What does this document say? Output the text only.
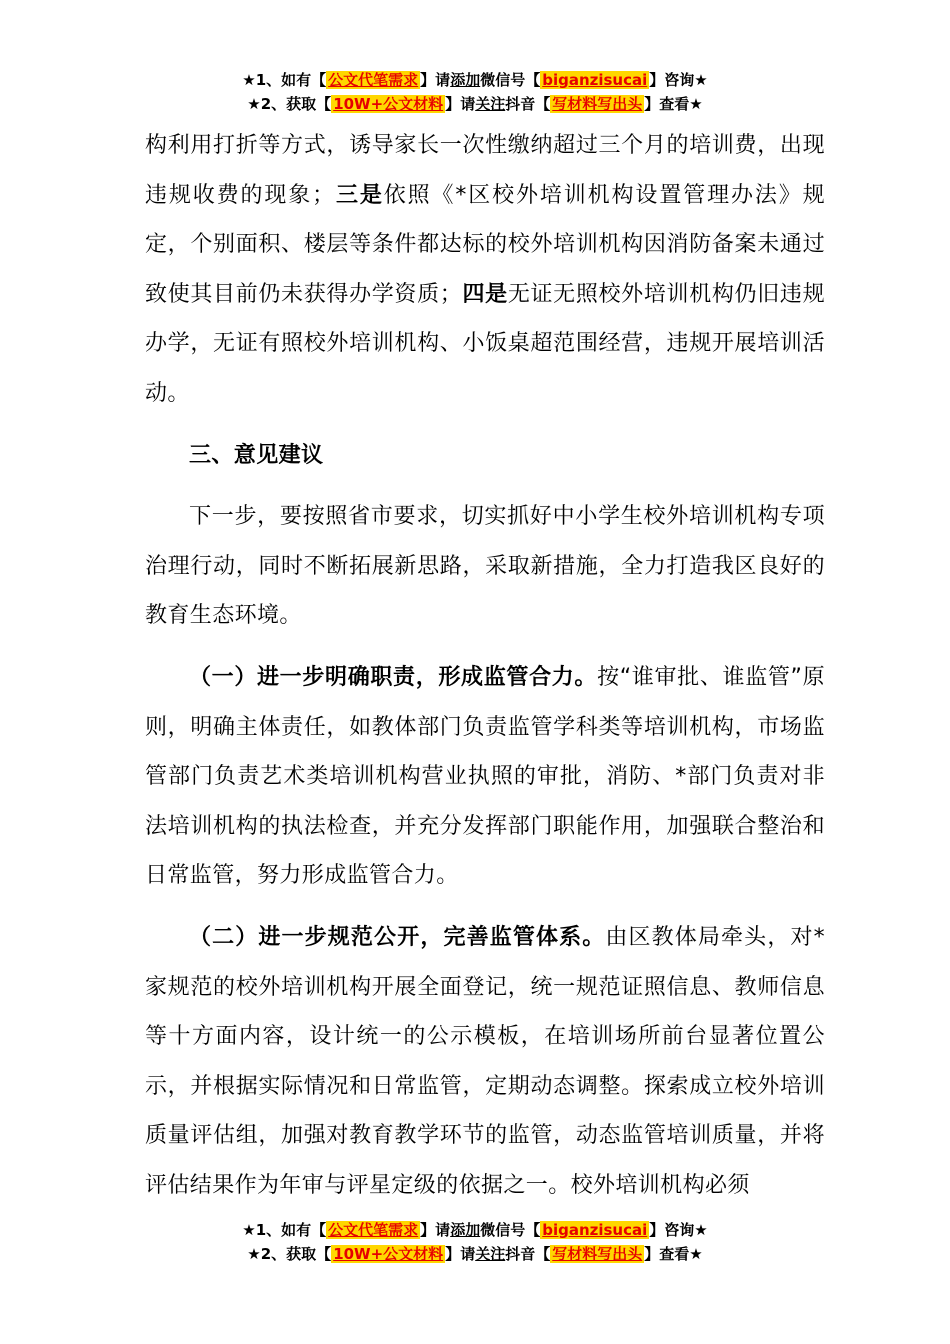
★1、如有【 公文代笔需求 】请添加微信号【 biganzisucai 】咨询★
★2、获取【 10W+公文材料 】请关注抖音【 写材料写出头 】查看★

构利用打折等方式，诱导家长一次性缴纳超过三个月的培训费，出现违规收费的现象；三是依照《*区校外培训机构设置管理办法》规定，个别面积、楼层等条件都达标的校外培训机构因消防备案未通过致使其目前仍未获得办学资质；四是无证无照校外培训机构仍旧违规办学，无证有照校外培训机构、小饭桌超范围经营，违规开展培训活动。

三、意见建议

下一步，要按照省市要求，切实抓好中小学生校外培训机构专项治理行动，同时不断拓展新思路，采取新措施，全力打造我区良好的教育生态环境。

（一）进一步明确职责，形成监管合力。按“谁审批、谁监管”原则，明确主体责任，如教体部门负责监管学科类等培训机构，市场监管部门负责艺术类培训机构营业执照的审批，消防、*部门负责对非法培训机构的执法检查，并充分发挥部门职能作用，加强联合整治和日常监管，努力形成监管合力。

（二）进一步规范公开，完善监管体系。由区教体局牵头，对*家规范的校外培训机构开展全面登记，统一规范证照信息、教师信息等十方面内容，设计统一的公示模板，在培训场所前台显著位置公示，并根据实际情况和日常监管，定期动态调整。探索成立校外培训质量评估组，加强对教育教学环节的监管，动态监管培训质量，并将评估结果作为年审与评星定级的依据之一。校外培训机构必须

★1、如有【 公文代笔需求 】请添加微信号【 biganzisucai 】咨询★
★2、获取【 10W+公文材料 】请关注抖音【 写材料写出头 】查看★
